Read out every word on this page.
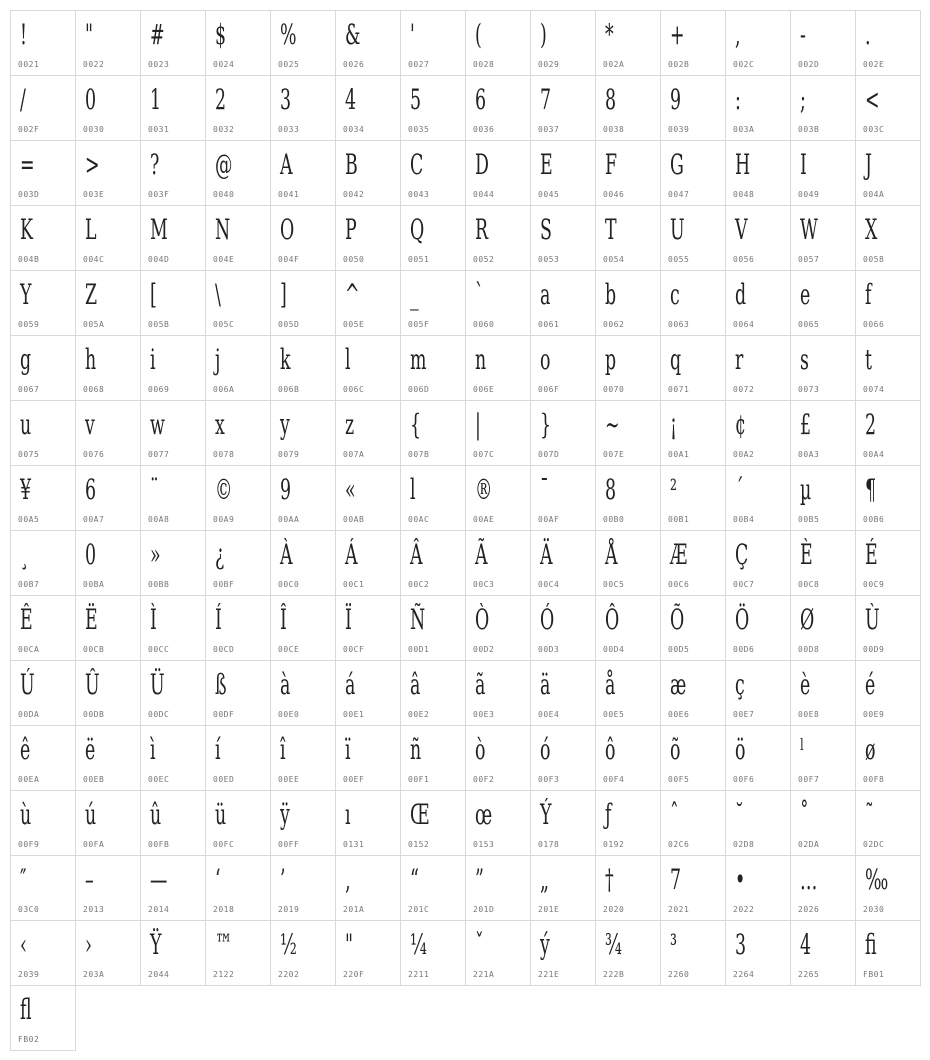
!
0021
"
0022
#
0023
$
0024
%
0025
&
0026
'
0027
(
0028
)
0029
*
002A
+
002B
,
002C
-
002D
.
002E
/
002F
0
0030
1
0031
2
0032
3
0033
4
0034
5
0035
6
0036
7
0037
8
0038
9
0039
:
003A
;
003B
<
003C
=
003D
>
003E
?
003F
@
0040
A
0041
B
0042
C
0043
D
0044
E
0045
F
0046
G
0047
H
0048
I
0049
J
004A
K
004B
L
004C
M
004D
N
004E
O
004F
P
0050
Q
0051
R
0052
S
0053
T
0054
U
0055
V
0056
W
0057
X
0058
Y
0059
Z
005A
[
005B
\
005C
]
005D
^
005E
_
005F
`
0060
a
0061
b
0062
c
0063
d
0064
e
0065
f
0066
g
0067
h
0068
i
0069
j
006A
k
006B
l
006C
m
006D
n
006E
o
006F
p
0070
q
0071
r
0072
s
0073
t
0074
u
0075
v
0076
w
0077
x
0078
y
0079
z
007A
{
007B
|
007C
}
007D
~
007E
¡
00A1
¢
00A2
£
00A3
2
00A4
¥
00A5
6
00A7
¨
00A8
©
00A9
9
00AA
«
00AB
l
00AC
®
00AE
¯
00AF
8
00B0
²
00B1
´
00B4
µ
00B5
¶
00B6
¸
00B7
0
00BA
»
00BB
¿
00BF
À
00C0
Á
00C1
Â
00C2
Ã
00C3
Ä
00C4
Å
00C5
Æ
00C6
Ç
00C7
È
00C8
É
00C9
Ê
00CA
Ë
00CB
Ì
00CC
Í
00CD
Î
00CE
Ï
00CF
Ñ
00D1
Ò
00D2
Ó
00D3
Ô
00D4
Õ
00D5
Ö
00D6
Ø
00D8
Ù
00D9
Ú
00DA
Û
00DB
Ü
00DC
ß
00DF
à
00E0
á
00E1
â
00E2
ã
00E3
ä
00E4
å
00E5
æ
00E6
ç
00E7
è
00E8
é
00E9
ê
00EA
ë
00EB
ì
00EC
í
00ED
î
00EE
ï
00EF
ñ
00F1
ò
00F2
ó
00F3
ô
00F4
õ
00F5
ö
00F6
ˡ
00F7
ø
00F8
ù
00F9
ú
00FA
û
00FB
ü
00FC
ÿ
00FF
ı
0131
Œ
0152
œ
0153
Ý
0178
ƒ
0192
ˆ
02C6
˘
02D8
˚
02DA
˜
02DC
″
03C0
–
2013
—
2014
‘
2018
’
2019
‚
201A
“
201C
”
201D
„
201E
†
2020
7
2021
•
2022
…
2026
‰
2030
‹
2039
›
203A
Ÿ
2044
™
2122
½
2202
"
220F
¼
2211
ˇ
221A
ý
221E
¾
222B
³
2260
3
2264
4
2265
ﬁ
FB01
ﬂ
FB02
